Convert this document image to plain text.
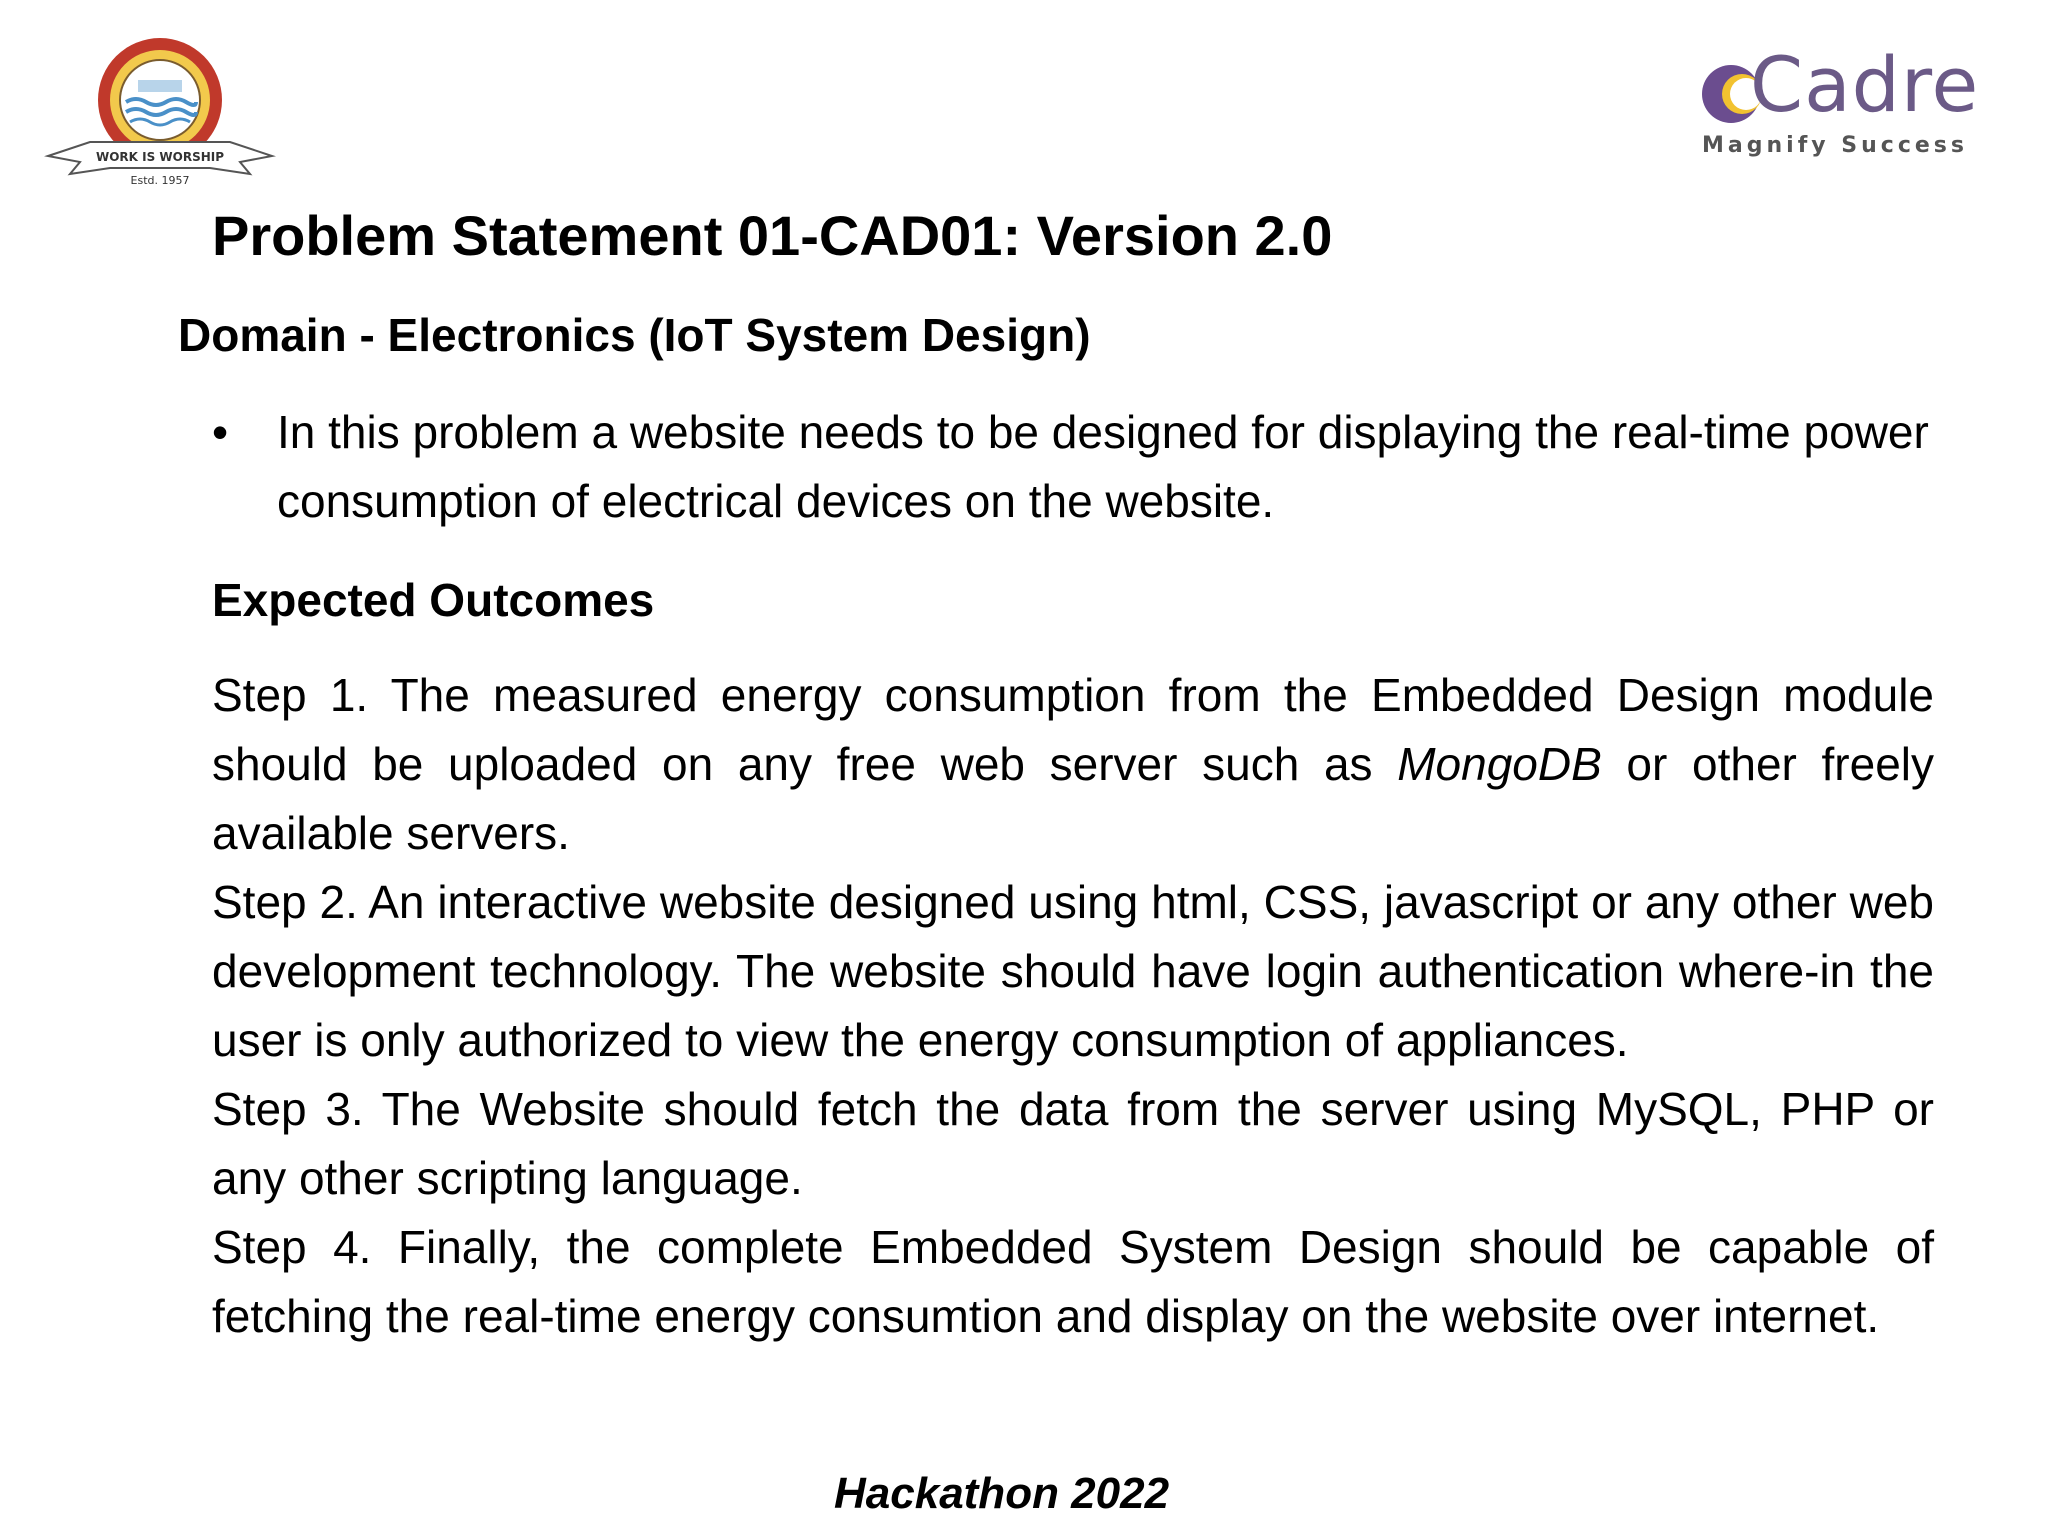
WORK IS WORSHIP
Estd. 1957
Cadre
Magnify Success
Problem Statement 01-CAD01: Version 2.0
Domain - Electronics (IoT System Design)
•	In this problem a website needs to be designed for displaying the real-time power consumption of electrical devices on the website.
Expected Outcomes

Step 1. The measured energy consumption from the Embedded Design module should be uploaded on any free web server such as MongoDB or other freely available servers.

Step 2. An interactive website designed using html, CSS, javascript or any other web development technology. The website should have login authentication where-in the user is only authorized to view the energy consumption of appliances.

Step 3. The Website should fetch the data from the server using MySQL, PHP or any other scripting language.

Step 4. Finally, the complete Embedded System Design should be capable of fetching the real-time energy consumtion and display on the website over internet.

Hackathon 2022
